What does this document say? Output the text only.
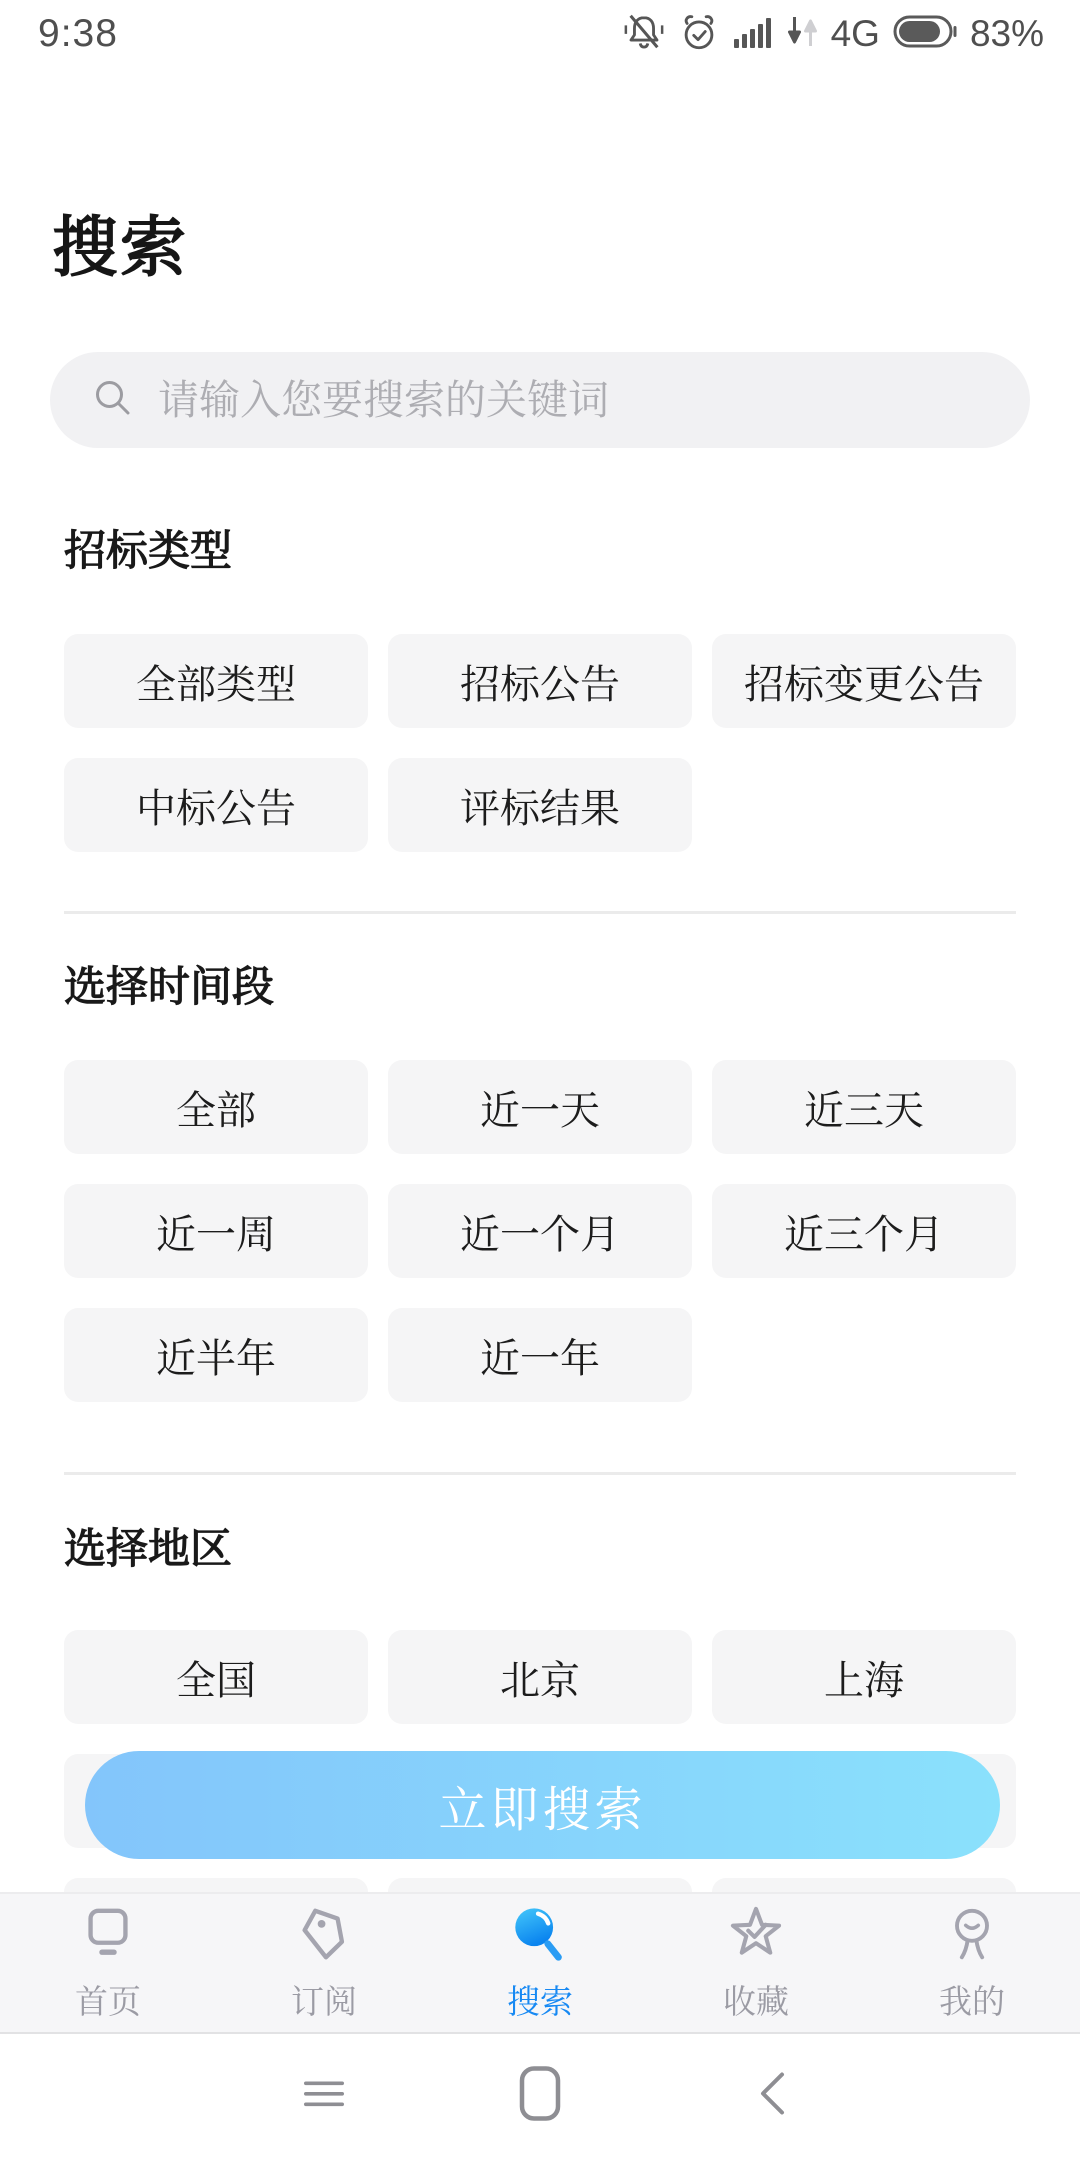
9:38	4G 83%
搜索
请输入您要搜索的关键词
招标类型
全部类型	招标公告	招标变更公告
中标公告	评标结果
选择时间段
全部	近一天	近三天
近一周	近一个月	近三个月
近半年	近一年
选择地区
全国	北京	上海
立即搜索
首页	订阅	搜索	收藏	我的
